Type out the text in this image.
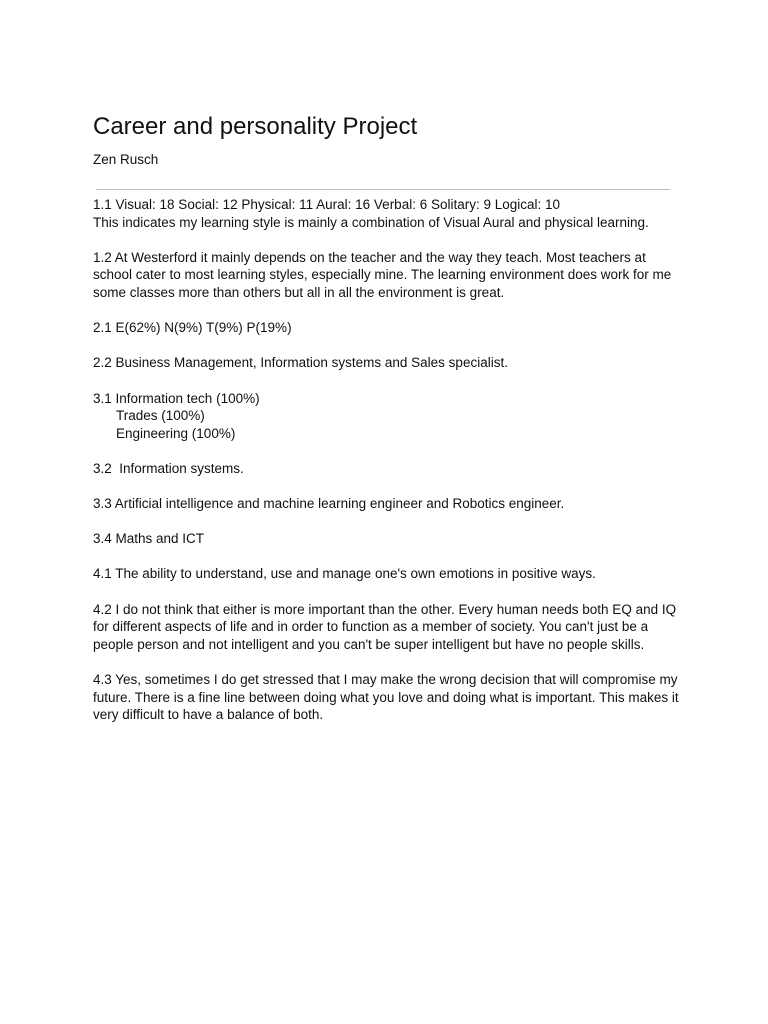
Career and personality Project
Zen Rusch
1.1 Visual: 18 Social: 12 Physical: 11 Aural: 16 Verbal: 6 Solitary: 9 Logical: 10
This indicates my learning style is mainly a combination of Visual Aural and physical learning.
1.2 At Westerford it mainly depends on the teacher and the way they teach. Most teachers at school cater to most learning styles, especially mine. The learning environment does work for me some classes more than others but all in all the environment is great.
2.1 E(62%) N(9%) T(9%) P(19%)
2.2 Business Management, Information systems and Sales specialist.
3.1 Information tech (100%)
Trades (100%)
Engineering (100%)
3.2  Information systems.
3.3 Artificial intelligence and machine learning engineer and Robotics engineer.
3.4 Maths and ICT
4.1 The ability to understand, use and manage one's own emotions in positive ways.
4.2 I do not think that either is more important than the other. Every human needs both EQ and IQ for different aspects of life and in order to function as a member of society. You can't just be a people person and not intelligent and you can't be super intelligent but have no people skills.
4.3 Yes, sometimes I do get stressed that I may make the wrong decision that will compromise my future. There is a fine line between doing what you love and doing what is important. This makes it very difficult to have a balance of both.
